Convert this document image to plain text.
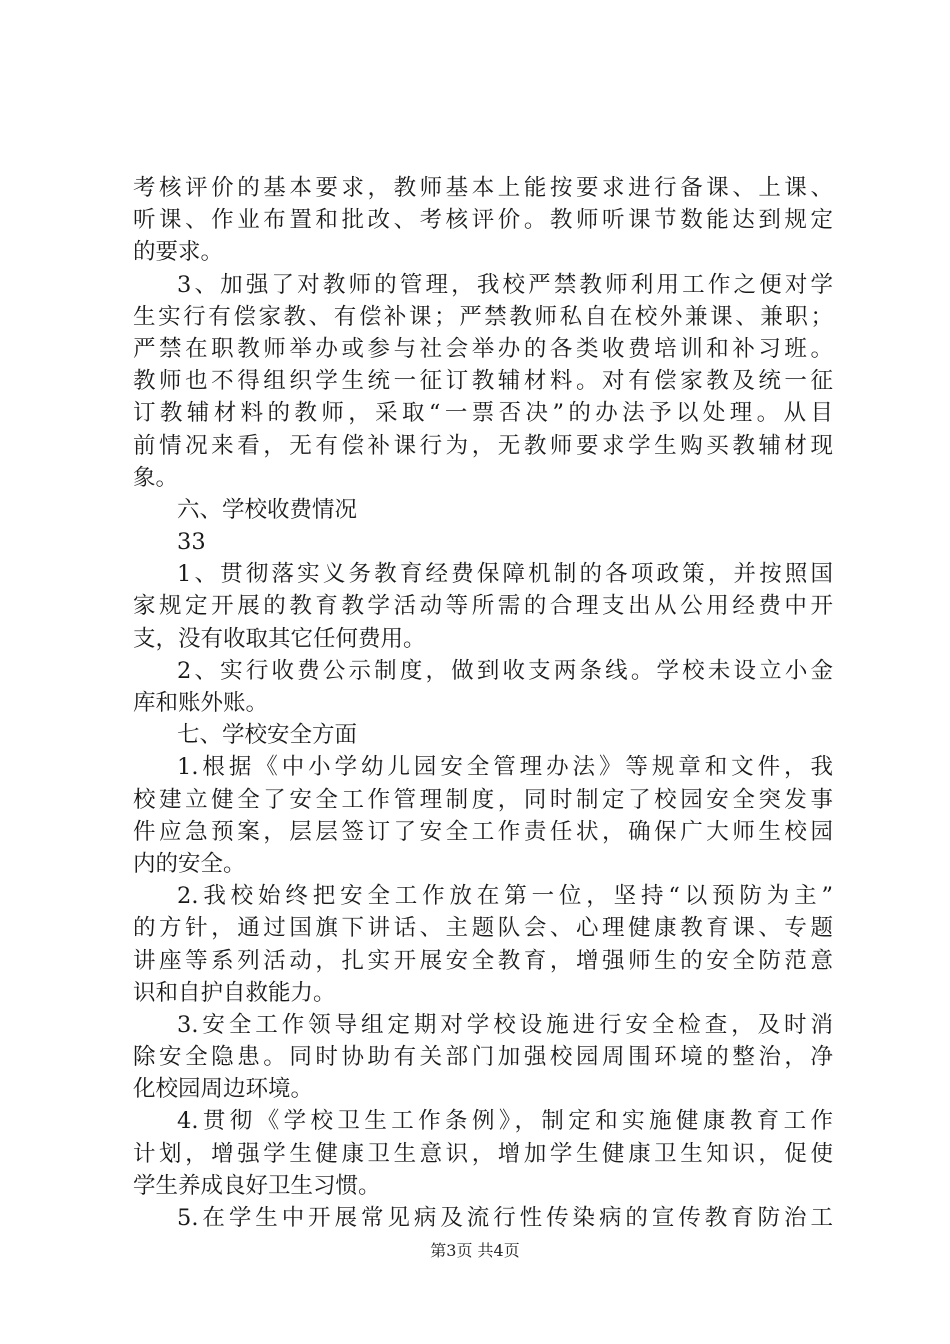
考核评价的基本要求，教师基本上能按要求进行备课、上课、
听课、作业布置和批改、考核评价。教师听课节数能达到规定
的要求。
3、加强了对教师的管理，我校严禁教师利用工作之便对学
生实行有偿家教、有偿补课；严禁教师私自在校外兼课、兼职；
严禁在职教师举办或参与社会举办的各类收费培训和补习班。
教师也不得组织学生统一征订教辅材料。对有偿家教及统一征
订教辅材料的教师，采取“一票否决”的办法予以处理。从目
前情况来看，无有偿补课行为，无教师要求学生购买教辅材现
象。
六、学校收费情况
33
1、贯彻落实义务教育经费保障机制的各项政策，并按照国
家规定开展的教育教学活动等所需的合理支出从公用经费中开
支，没有收取其它任何费用。
2、实行收费公示制度，做到收支两条线。学校未设立小金
库和账外账。
七、学校安全方面
1.根据《中小学幼儿园安全管理办法》等规章和文件，我
校建立健全了安全工作管理制度，同时制定了校园安全突发事
件应急预案，层层签订了安全工作责任状，确保广大师生校园
内的安全。
2.我校始终把安全工作放在第一位，坚持“以预防为主”
的方针，通过国旗下讲话、主题队会、心理健康教育课、专题
讲座等系列活动，扎实开展安全教育，增强师生的安全防范意
识和自护自救能力。
3.安全工作领导组定期对学校设施进行安全检查，及时消
除安全隐患。同时协助有关部门加强校园周围环境的整治，净
化校园周边环境。
4.贯彻《学校卫生工作条例》，制定和实施健康教育工作
计划，增强学生健康卫生意识，增加学生健康卫生知识，促使
学生养成良好卫生习惯。
5.在学生中开展常见病及流行性传染病的宣传教育防治工
第3页 共4页
